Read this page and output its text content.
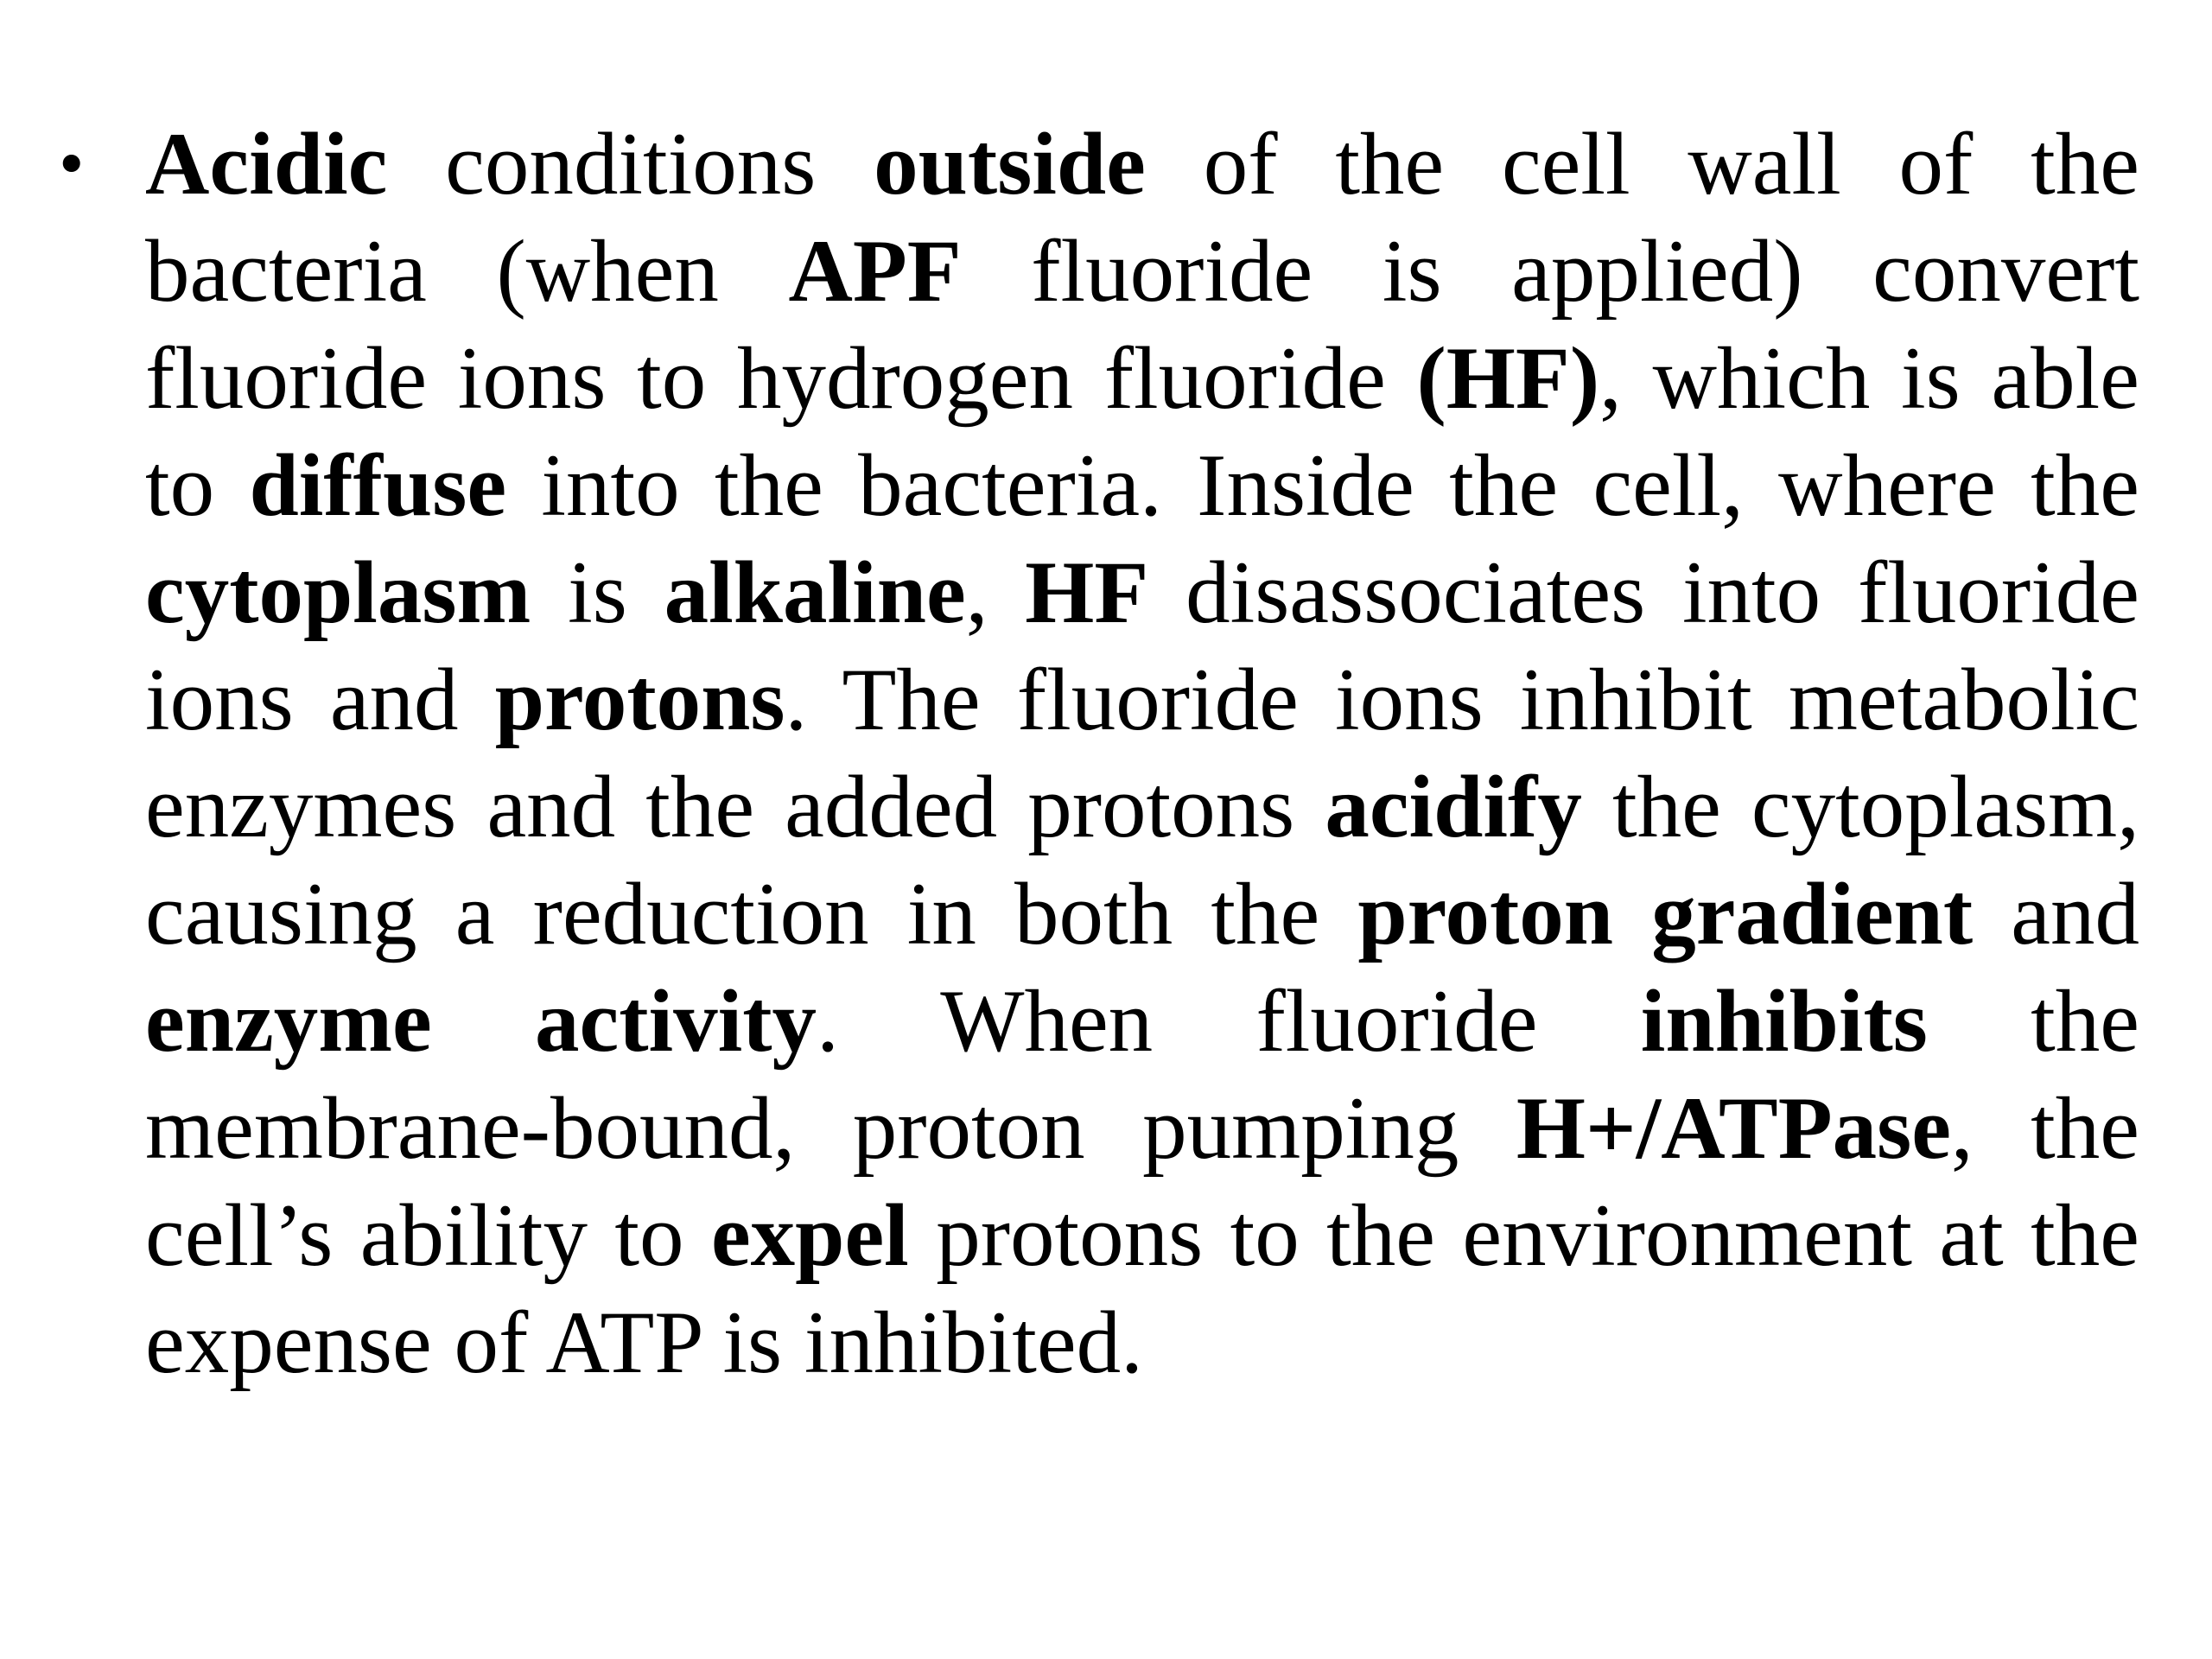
• Acidic conditions outside of the cell wall of the bacteria (when APF fluoride is applied) convert fluoride ions to hydrogen fluoride (HF), which is able to diffuse into the bacteria. Inside the cell, where the cytoplasm is alkaline, HF disassociates into fluoride ions and protons. The fluoride ions inhibit metabolic enzymes and the added protons acidify the cytoplasm, causing a reduction in both the proton gradient and enzyme activity. When fluoride inhibits the membrane-bound, proton pumping H+/ATPase, the cell’s ability to expel protons to the environment at the expense of ATP is inhibited.
